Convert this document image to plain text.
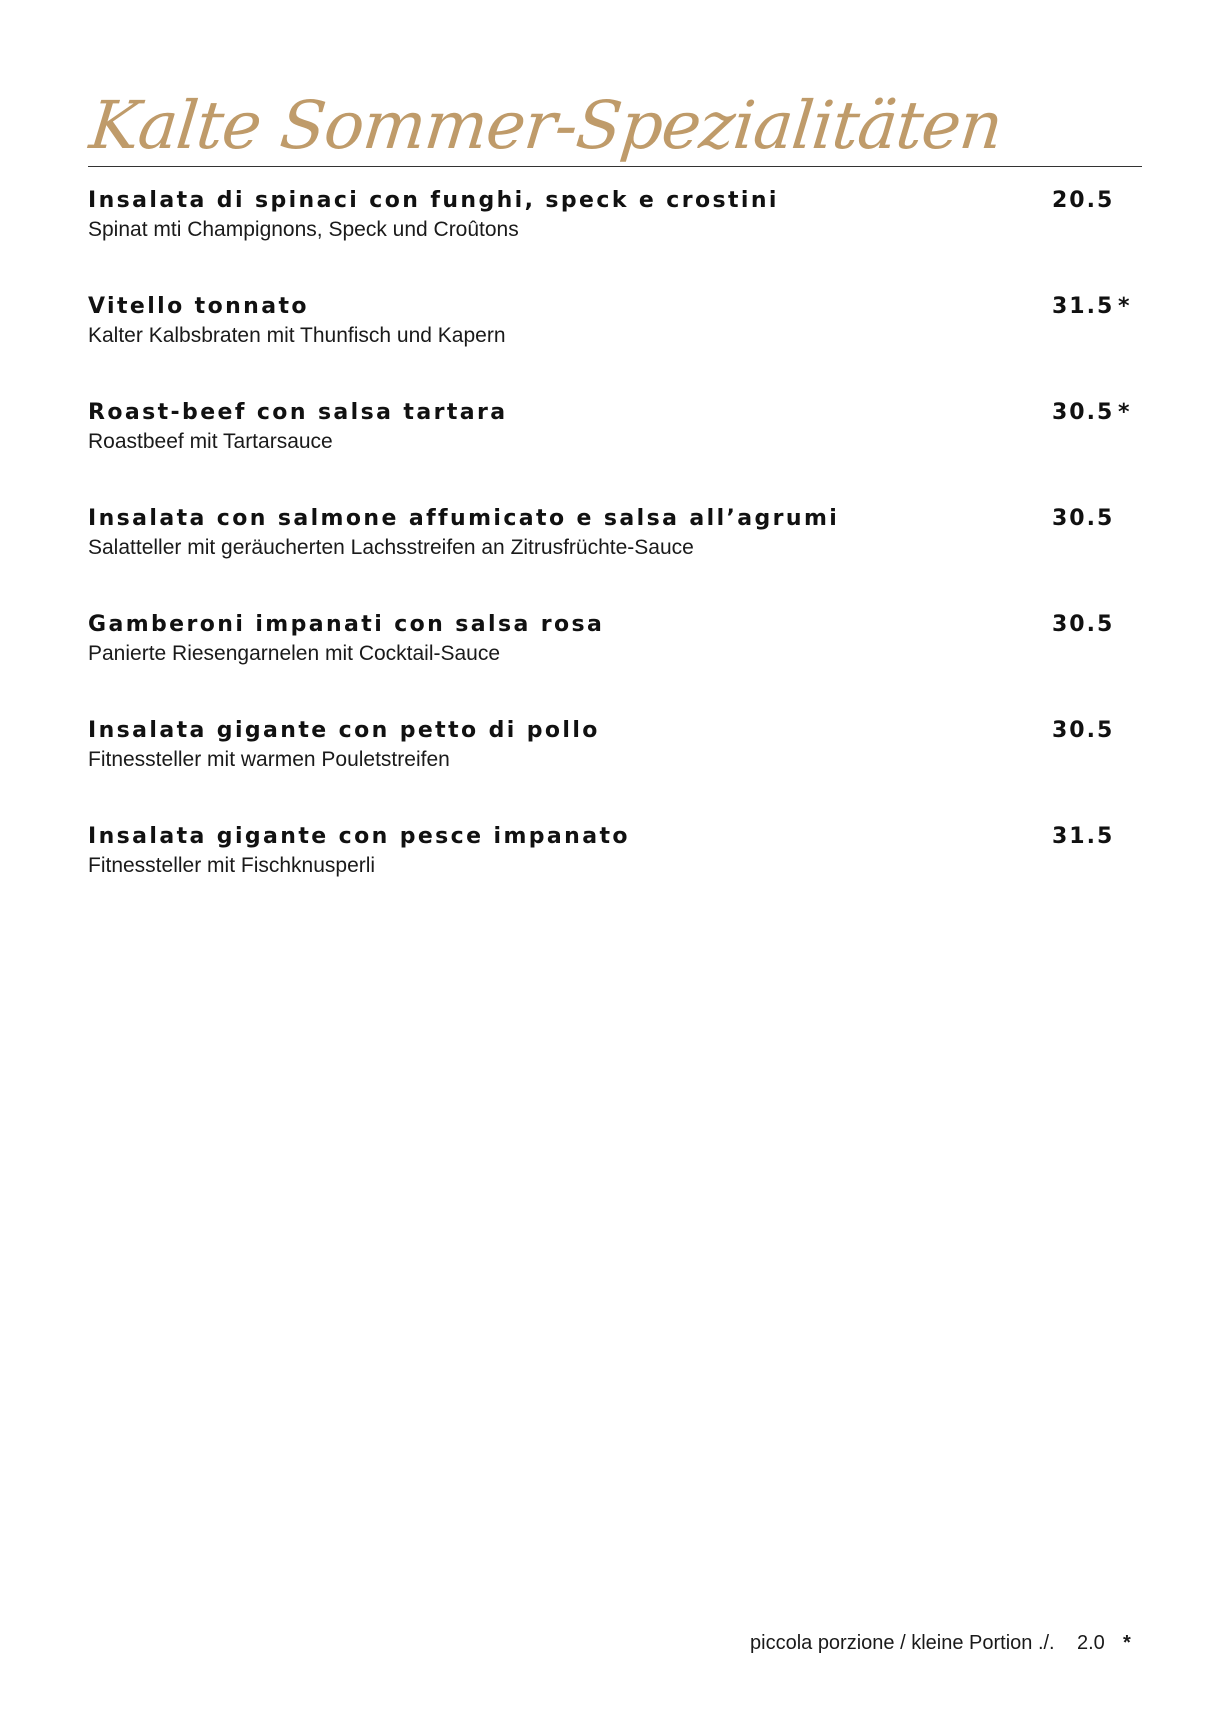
Kalte Sommer-Spezialitäten
Insalata di spinaci con funghi, speck e crostini
Spinat mti Champignons, Speck und Croûtons
20.5
Vitello tonnato
Kalter Kalbsbraten mit Thunfisch und Kapern
31.5 *
Roast-beef con salsa tartara
Roastbeef mit Tartarsauce
30.5 *
Insalata con salmone affumicato e salsa all’agrumi
Salatteller mit geräucherten Lachsstreifen an Zitrusfrüchte-Sauce
30.5
Gamberoni impanati con salsa rosa
Panierte Riesengarnelen mit Cocktail-Sauce
30.5
Insalata gigante con petto di pollo
Fitnessteller mit warmen Pouletstreifen
30.5
Insalata gigante con pesce impanato
Fitnessteller mit Fischknusperli
31.5
piccola porzione / kleine Portion ./. 2.0 *
